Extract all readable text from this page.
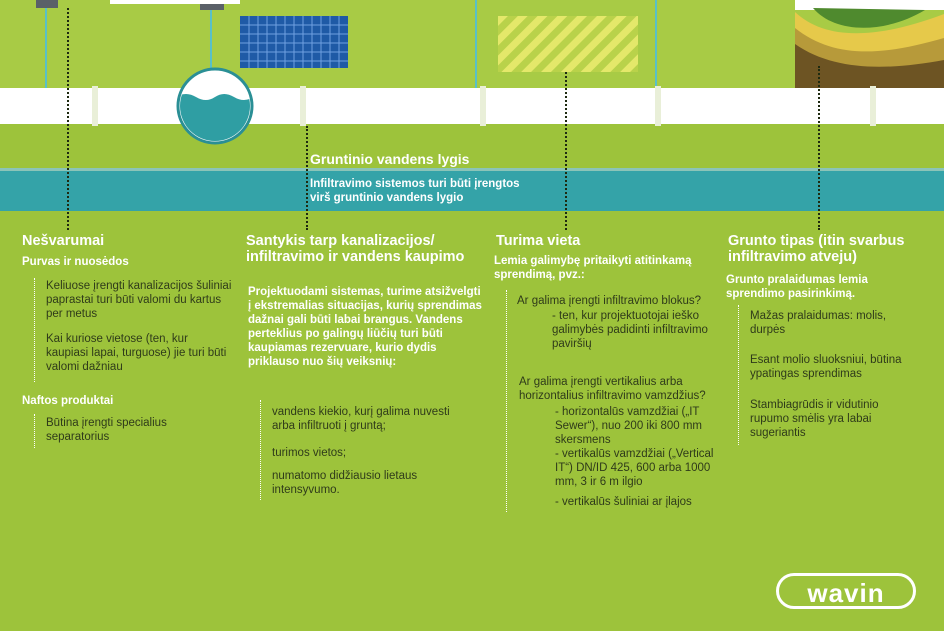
Gruntinio vandens lygis
Infiltravimo sistemos turi būti įrengtos
virš gruntinio vandens lygio
Nešvarumai
Purvas ir nuosėdos
Keliuose įrengti kanalizacijos šuliniai paprastai turi būti valomi du kartus per metus
Kai kuriose vietose (ten, kur kaupiasi lapai, turguose) jie turi būti valomi dažniau
Naftos produktai
Būtina įrengti specialius separatorius
Santykis tarp kanalizacijos/ infiltravimo ir vandens kaupimo
Projektuodami sistemas, turime atsižvelgti į ekstremalias situacijas, kurių sprendimas dažnai gali būti labai brangus. Vandens perteklius po galingų liūčių turi būti kaupiamas rezervuare, kurio dydis priklauso nuo šių veiksnių:
vandens kiekio, kurį galima nuvesti arba infiltruoti į gruntą;
turimos vietos;
numatomo didžiausio lietaus intensyvumo.
Turima vieta
Lemia galimybę pritaikyti atitinkamą sprendimą, pvz.:
Ar galima įrengti infiltravimo blokus?
- ten, kur projektuotojai ieško galimybės padidinti infiltravimo paviršių
Ar galima įrengti vertikalius arba horizontalius infiltravimo vamzdžius?
- horizontalūs vamzdžiai („IT Sewer“), nuo 200 iki 800 mm skersmens
- vertikalūs vamzdžiai („Vertical IT“) DN/ID 425, 600 arba 1000 mm, 3 ir 6 m ilgio
- vertikalūs šuliniai ar įlajos
Grunto tipas (itin svarbus infiltravimo atveju)
Grunto pralaidumas lemia sprendimo pasirinkimą.
Mažas pralaidumas: molis, durpės
Esant molio sluoksniui, būtina ypatingas sprendimas
Stambiagrūdis ir vidutinio rupumo smėlis yra labai sugeriantis
wavin
